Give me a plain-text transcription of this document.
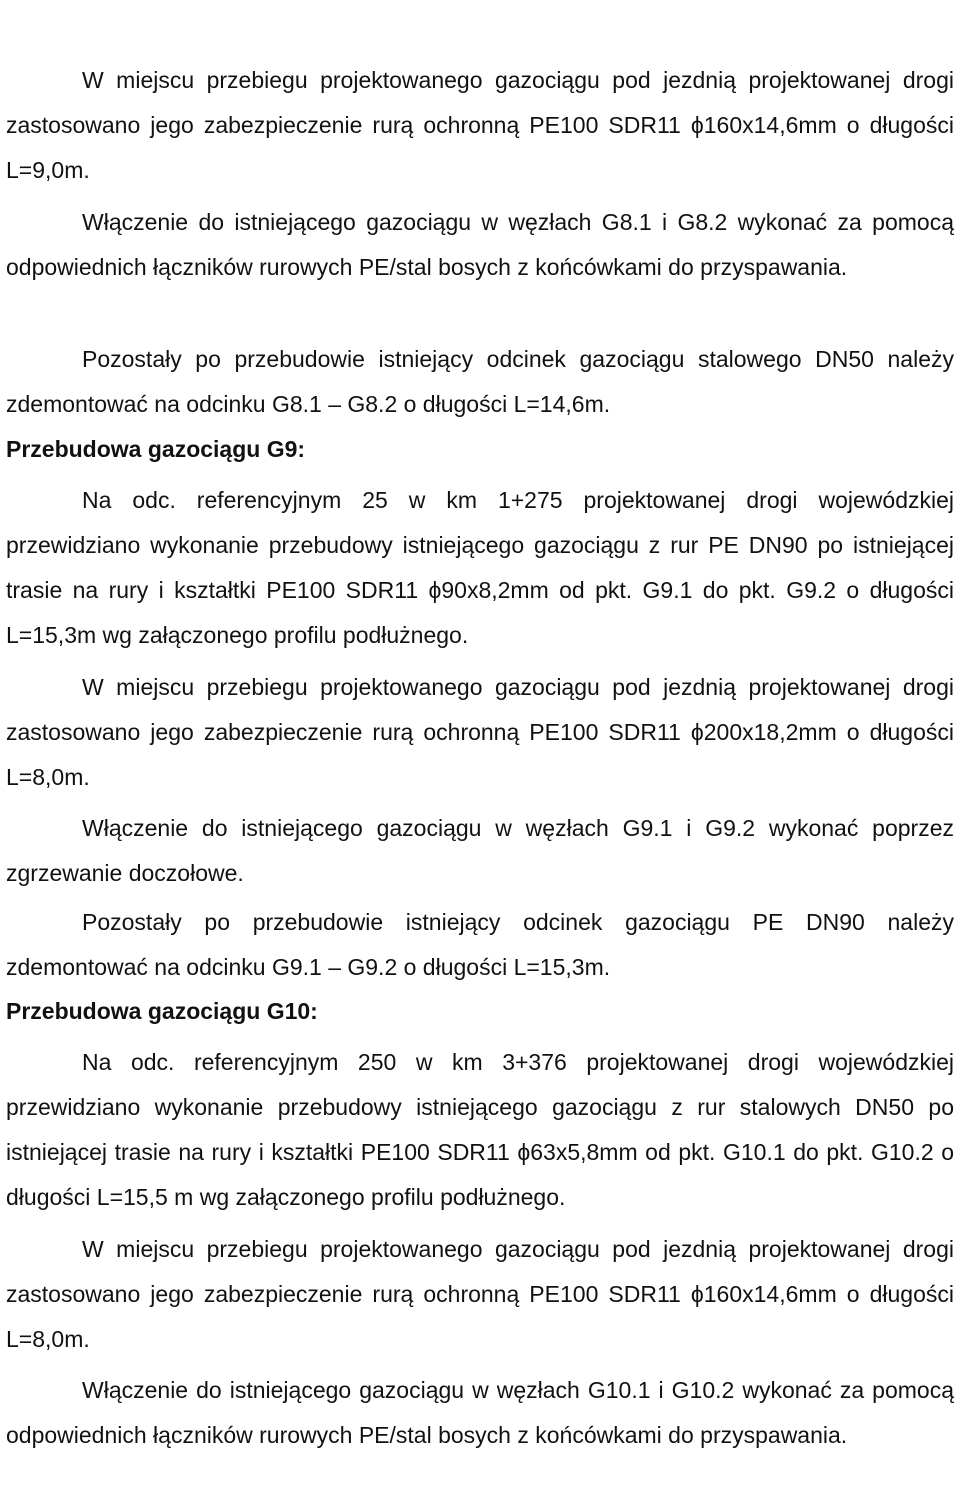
W miejscu przebiegu projektowanego gazociągu pod jezdnią projektowanej drogi zastosowano jego zabezpieczenie rurą ochronną PE100 SDR11 ϕ160x14,6mm o długości L=9,0m.

Włączenie do istniejącego gazociągu w węzłach G8.1 i G8.2 wykonać za pomocą odpowiednich łączników rurowych PE/stal bosych z końcówkami do przyspawania.

Pozostały po przebudowie istniejący odcinek gazociągu stalowego DN50 należy zdemontować na odcinku G8.1 – G8.2 o długości L=14,6m.

Przebudowa gazociągu G9:

Na odc. referencyjnym 25 w km 1+275 projektowanej drogi wojewódzkiej przewidziano wykonanie przebudowy istniejącego gazociągu z rur PE DN90 po istniejącej trasie na rury i kształtki PE100 SDR11 ϕ90x8,2mm od pkt. G9.1 do pkt. G9.2 o długości L=15,3m wg załączonego profilu podłużnego.

W miejscu przebiegu projektowanego gazociągu pod jezdnią projektowanej drogi zastosowano jego zabezpieczenie rurą ochronną PE100 SDR11 ϕ200x18,2mm o długości L=8,0m.

Włączenie do istniejącego gazociągu w węzłach G9.1 i G9.2 wykonać poprzez zgrzewanie doczołowe.

Pozostały po przebudowie istniejący odcinek gazociągu PE DN90 należy zdemontować na odcinku G9.1 – G9.2 o długości L=15,3m.

Przebudowa gazociągu G10:

Na odc. referencyjnym 250 w km 3+376 projektowanej drogi wojewódzkiej przewidziano wykonanie przebudowy istniejącego gazociągu z rur stalowych DN50 po istniejącej trasie na rury i kształtki PE100 SDR11 ϕ63x5,8mm od pkt. G10.1 do pkt. G10.2 o długości L=15,5 m wg załączonego profilu podłużnego.

W miejscu przebiegu projektowanego gazociągu pod jezdnią projektowanej drogi zastosowano jego zabezpieczenie rurą ochronną PE100 SDR11 ϕ160x14,6mm o długości L=8,0m.

Włączenie do istniejącego gazociągu w węzłach G10.1 i G10.2 wykonać za pomocą odpowiednich łączników rurowych PE/stal bosych z końcówkami do przyspawania.
